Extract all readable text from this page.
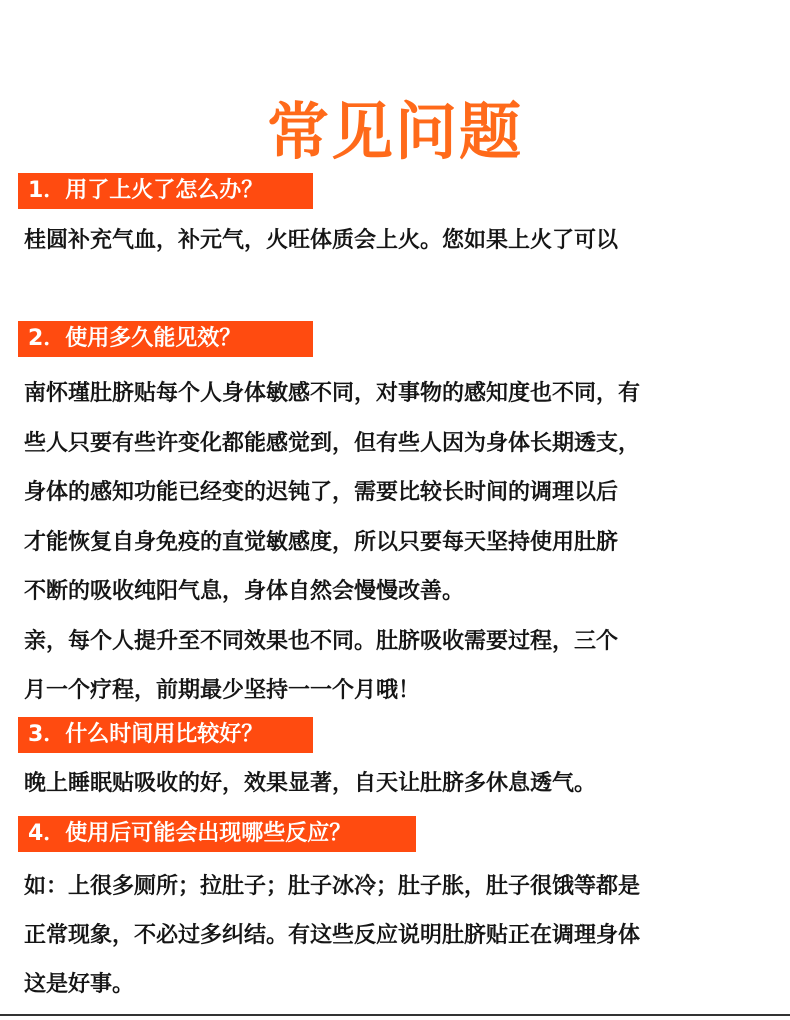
常见问题
1．用了上火了怎么办？
桂圆补充气血，补元气，火旺体质会上火。您如果上火了可以
2．使用多久能见效？
南怀瑾肚脐贴每个人身体敏感不同，对事物的感知度也不同，有
些人只要有些许变化都能感觉到，但有些人因为身体长期透支，
身体的感知功能已经变的迟钝了，需要比较长时间的调理以后
才能恢复自身免疫的直觉敏感度，所以只要每天坚持使用肚脐
不断的吸收纯阳气息，身体自然会慢慢改善。
亲，每个人提升至不同效果也不同。肚脐吸收需要过程，三个
月一个疗程，前期最少坚持一一个月哦！
3．什么时间用比较好？
晚上睡眠贴吸收的好，效果显著，自天让肚脐多休息透气。
4．使用后可能会出现哪些反应？
如：上很多厕所；拉肚子；肚子冰冷；肚子胀，肚子很饿等都是
正常现象，不必过多纠结。有这些反应说明肚脐贴正在调理身体
这是好事。
